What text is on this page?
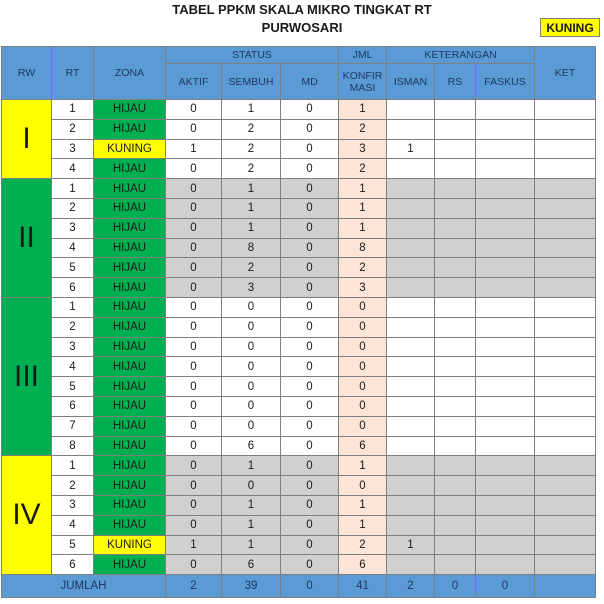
TABEL PPKM SKALA MIKRO TINGKAT RT
PURWOSARI	KUNING
RW	RT	ZONA	STATUS			JML	KETERANGAN			KET
			AKTIF	SEMBUH	MD	KONFIR
MASI	ISMAN	RS	FASKUS	
I	1	HIJAU	0	1	0	1				
	2	HIJAU	0	2	0	2				
	3	KUNING	1	2	0	3	1			
	4	HIJAU	0	2	0	2				
II	1	HIJAU	0	1	0	1				
	2	HIJAU	0	1	0	1				
	3	HIJAU	0	1	0	1				
	4	HIJAU	0	8	0	8				
	5	HIJAU	0	2	0	2				
	6	HIJAU	0	3	0	3				
III	1	HIJAU	0	0	0	0				
	2	HIJAU	0	0	0	0				
	3	HIJAU	0	0	0	0				
	4	HIJAU	0	0	0	0				
	5	HIJAU	0	0	0	0				
	6	HIJAU	0	0	0	0				
	7	HIJAU	0	0	0	0				
	8	HIJAU	0	6	0	6				
IV	1	HIJAU	0	1	0	1				
	2	HIJAU	0	0	0	0				
	3	HIJAU	0	1	0	1				
	4	HIJAU	0	1	0	1				
	5	KUNING	1	1	0	2	1			
	6	HIJAU	0	6	0	6				
JUMLAH			2	39	0	41	2	0	0	
